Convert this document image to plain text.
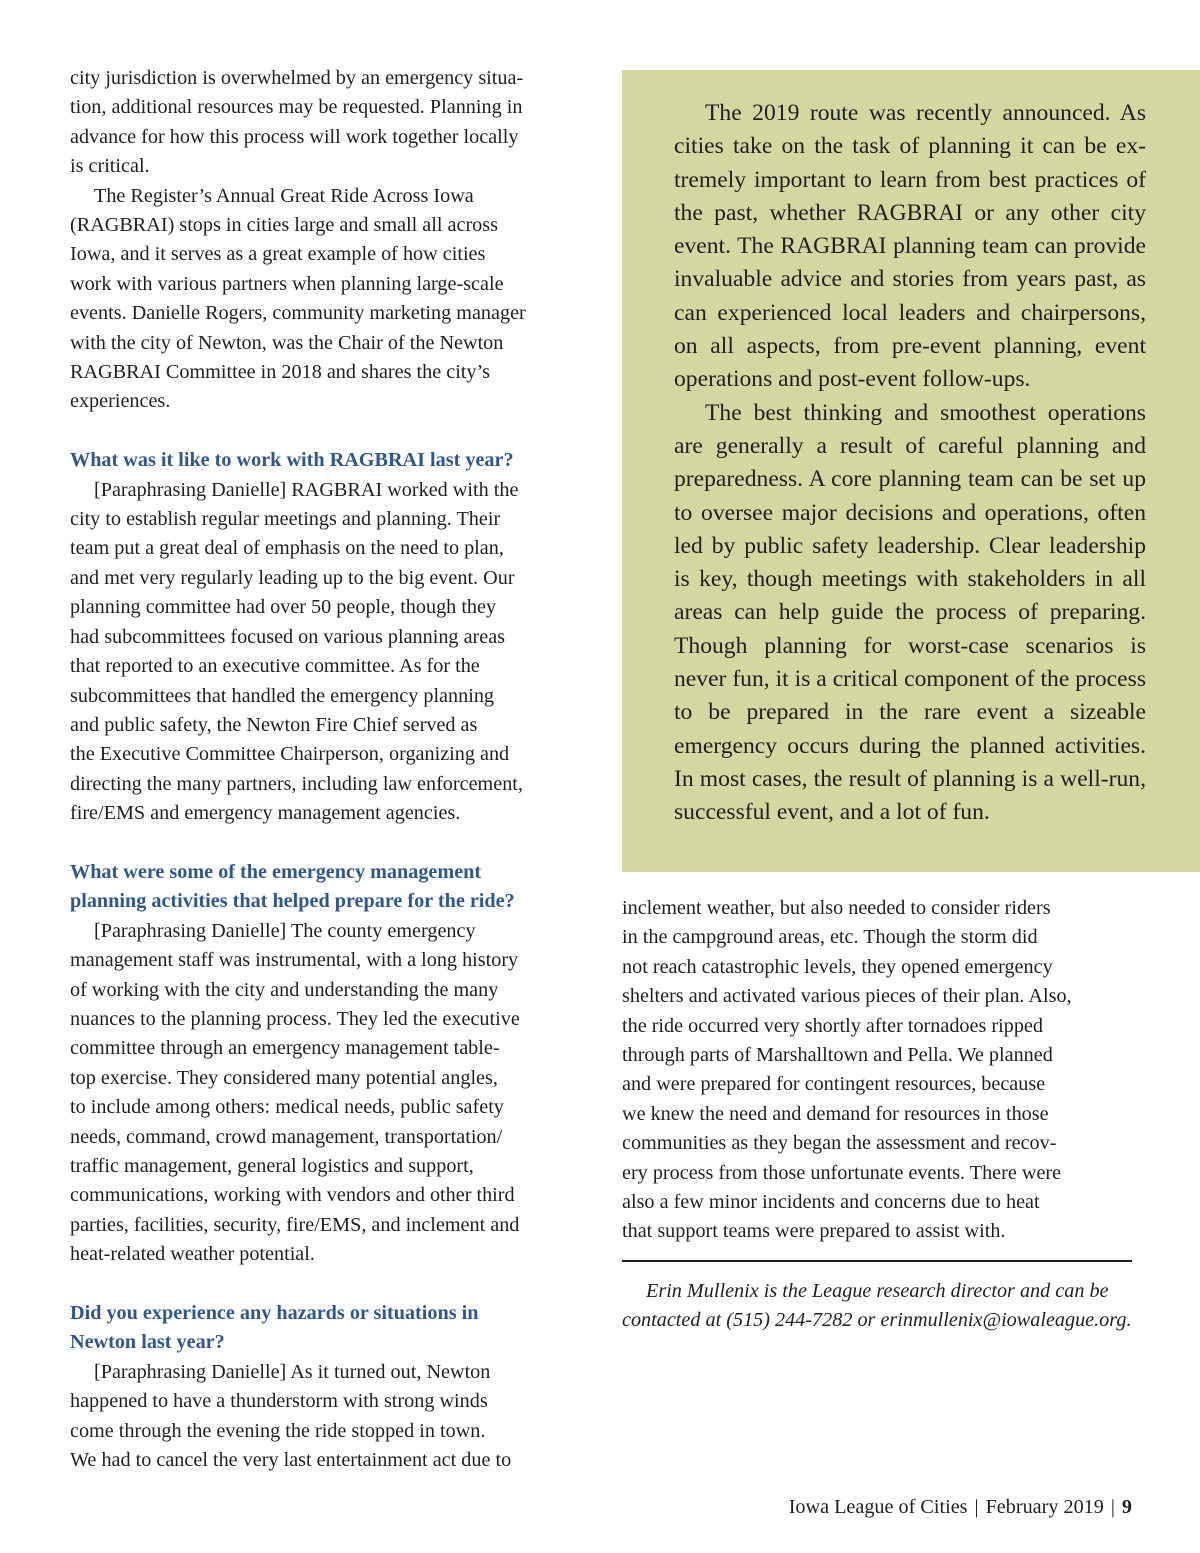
city jurisdiction is overwhelmed by an emergency situa-
tion, additional resources may be requested. Planning in
advance for how this process will work together locally
is critical.

The Register’s Annual Great Ride Across Iowa
(RAGBRAI) stops in cities large and small all across
Iowa, and it serves as a great example of how cities
work with various partners when planning large-scale
events. Danielle Rogers, community marketing manager
with the city of Newton, was the Chair of the Newton
RAGBRAI Committee in 2018 and shares the city’s
experiences.

What was it like to work with RAGBRAI last year?

[Paraphrasing Danielle] RAGBRAI worked with the
city to establish regular meetings and planning. Their
team put a great deal of emphasis on the need to plan,
and met very regularly leading up to the big event. Our
planning committee had over 50 people, though they
had subcommittees focused on various planning areas
that reported to an executive committee. As for the
subcommittees that handled the emergency planning
and public safety, the Newton Fire Chief served as
the Executive Committee Chairperson, organizing and
directing the many partners, including law enforcement,
fire/EMS and emergency management agencies.

What were some of the emergency management
planning activities that helped prepare for the ride?

[Paraphrasing Danielle] The county emergency
management staff was instrumental, with a long history
of working with the city and understanding the many
nuances to the planning process. They led the executive
committee through an emergency management table-
top exercise. They considered many potential angles,
to include among others: medical needs, public safety
needs, command, crowd management, transportation/
traffic management, general logistics and support,
communications, working with vendors and other third
parties, facilities, security, fire/EMS, and inclement and
heat-related weather potential.

Did you experience any hazards or situations in
Newton last year?

[Paraphrasing Danielle] As it turned out, Newton
happened to have a thunderstorm with strong winds
come through the evening the ride stopped in town.
We had to cancel the very last entertainment act due to

The 2019 route was recently announced. As cities take on the task of planning it can be extremely important to learn from best practices of the past, whether RAGBRAI or any other city event. The RAGBRAI planning team can provide invaluable advice and stories from years past, as can experienced local leaders and chairpersons, on all aspects, from pre-event planning, event operations and post-event follow-ups.

The best thinking and smoothest operations are generally a result of careful planning and preparedness. A core planning team can be set up to oversee major decisions and operations, often led by public safety leadership. Clear leadership is key, though meetings with stakeholders in all areas can help guide the process of preparing. Though planning for worst-case scenarios is never fun, it is a critical component of the process to be prepared in the rare event a sizeable emergency occurs during the planned activities. In most cases, the result of planning is a well-run, successful event, and a lot of fun.

inclement weather, but also needed to consider riders
in the campground areas, etc. Though the storm did
not reach catastrophic levels, they opened emergency
shelters and activated various pieces of their plan. Also,
the ride occurred very shortly after tornadoes ripped
through parts of Marshalltown and Pella. We planned
and were prepared for contingent resources, because
we knew the need and demand for resources in those
communities as they began the assessment and recov-
ery process from those unfortunate events. There were
also a few minor incidents and concerns due to heat
that support teams were prepared to assist with.

Erin Mullenix is the League research director and can be
contacted at (515) 244-7282 or erinmullenix@iowaleague.org.

Iowa League of Cities | February 2019 | 9
